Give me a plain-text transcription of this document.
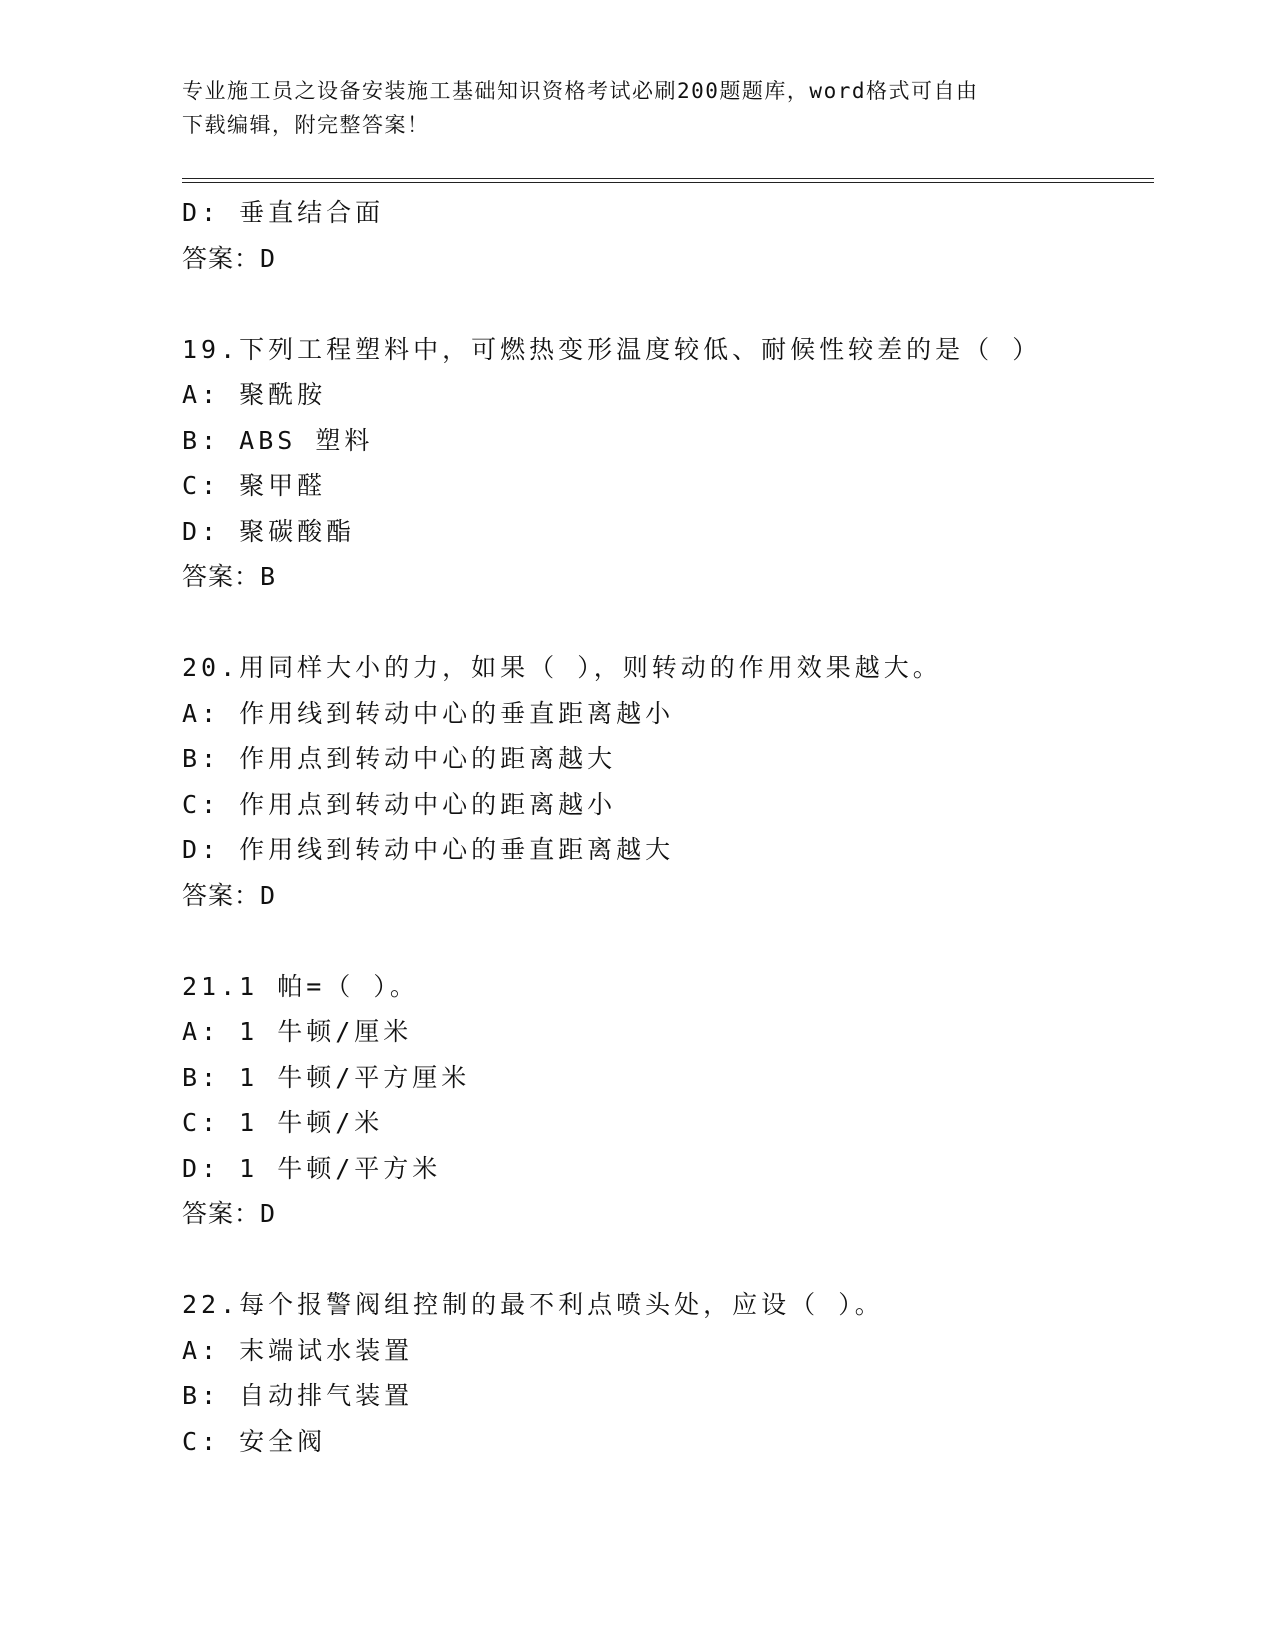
专业施工员之设备安装施工基础知识资格考试必刷200题题库，word格式可自由
下载编辑，附完整答案！
D: 垂直结合面
答案：D
19.下列工程塑料中，可燃热变形温度较低、耐候性较差的是（ ）
A: 聚酰胺
B: ABS 塑料
C: 聚甲醛
D: 聚碳酸酯
答案：B
20.用同样大小的力，如果（ ），则转动的作用效果越大。
A: 作用线到转动中心的垂直距离越小
B: 作用点到转动中心的距离越大
C: 作用点到转动中心的距离越小
D: 作用线到转动中心的垂直距离越大
答案：D
21.1 帕=（ ）。
A: 1 牛顿/厘米
B: 1 牛顿/平方厘米
C: 1 牛顿/米
D: 1 牛顿/平方米
答案：D
22.每个报警阀组控制的最不利点喷头处，应设（ ）。
A: 末端试水装置
B: 自动排气装置
C: 安全阀
